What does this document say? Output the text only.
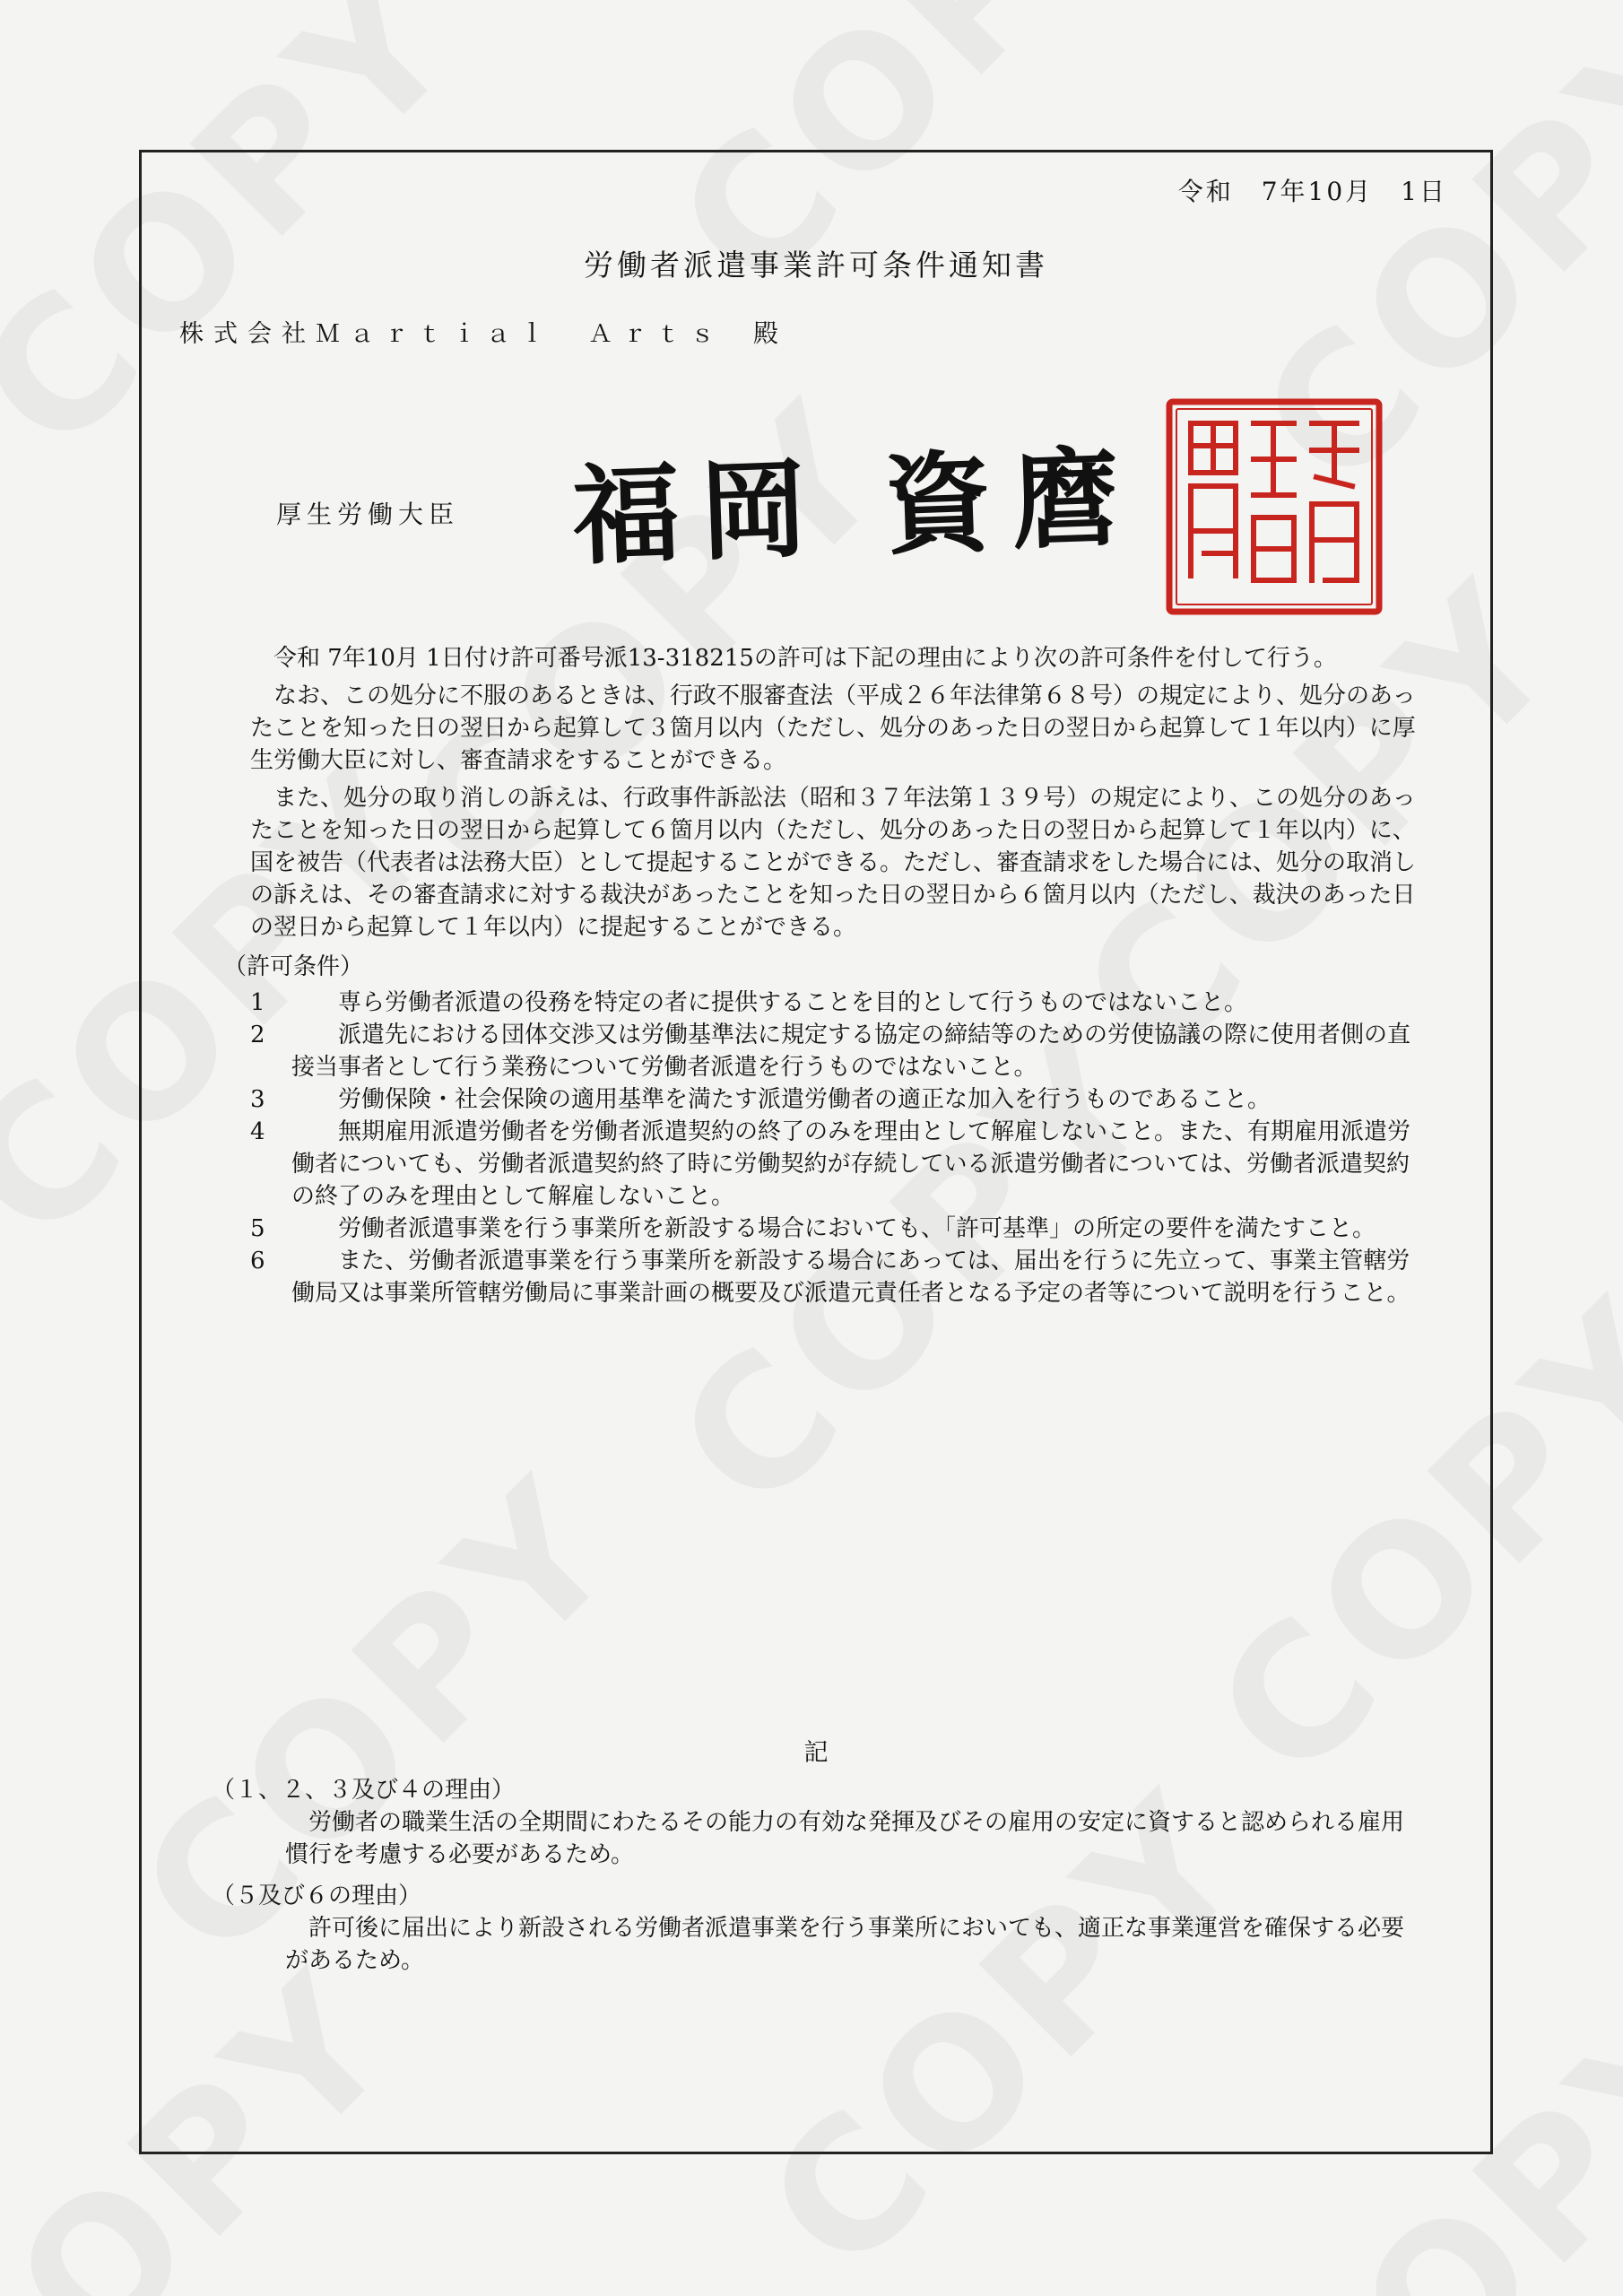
令和　7年10月　1日
労働者派遣事業許可条件通知書
株式会社Ｍａｒｔｉａｌ　Ａｒｔｓ 殿
厚生労働大臣 福岡 資麿

令和 7年10月 1日付け許可番号派13-318215の許可は下記の理由により次の許可条件を付して行う。

なお、この処分に不服のあるときは、行政不服審査法（平成２６年法律第６８号）の規定により、処分のあったことを知った日の翌日から起算して３箇月以内（ただし、処分のあった日の翌日から起算して１年以内）に厚生労働大臣に対し、審査請求をすることができる。

また、処分の取り消しの訴えは、行政事件訴訟法（昭和３７年法第１３９号）の規定により、この処分のあったことを知った日の翌日から起算して６箇月以内（ただし、処分のあった日の翌日から起算して１年以内）に、国を被告（代表者は法務大臣）として提起することができる。ただし、審査請求をした場合には、処分の取消しの訴えは、その審査請求に対する裁決があったことを知った日の翌日から６箇月以内（ただし、裁決のあった日の翌日から起算して１年以内）に提起することができる。

（許可条件）

1	専ら労働者派遣の役務を特定の者に提供することを目的として行うものではないこと。
2	派遣先における団体交渉又は労働基準法に規定する協定の締結等のための労使協議の際に使用者側の直接当事者として行う業務について労働者派遣を行うものではないこと。
3	労働保険・社会保険の適用基準を満たす派遣労働者の適正な加入を行うものであること。
4	無期雇用派遣労働者を労働者派遣契約の終了のみを理由として解雇しないこと。また、有期雇用派遣労働者についても、労働者派遣契約終了時に労働契約が存続している派遣労働者については、労働者派遣契約の終了のみを理由として解雇しないこと。
5	労働者派遣事業を行う事業所を新設する場合においても、「許可基準」の所定の要件を満たすこと。
6	また、労働者派遣事業を行う事業所を新設する場合にあっては、届出を行うに先立って、事業主管轄労働局又は事業所管轄労働局に事業計画の概要及び派遣元責任者となる予定の者等について説明を行うこと。
記

（１、２、３及び４の理由）

労働者の職業生活の全期間にわたるその能力の有効な発揮及びその雇用の安定に資すると認められる雇用慣行を考慮する必要があるため。

（５及び６の理由）

許可後に届出により新設される労働者派遣事業を行う事業所においても、適正な事業運営を確保する必要があるため。
